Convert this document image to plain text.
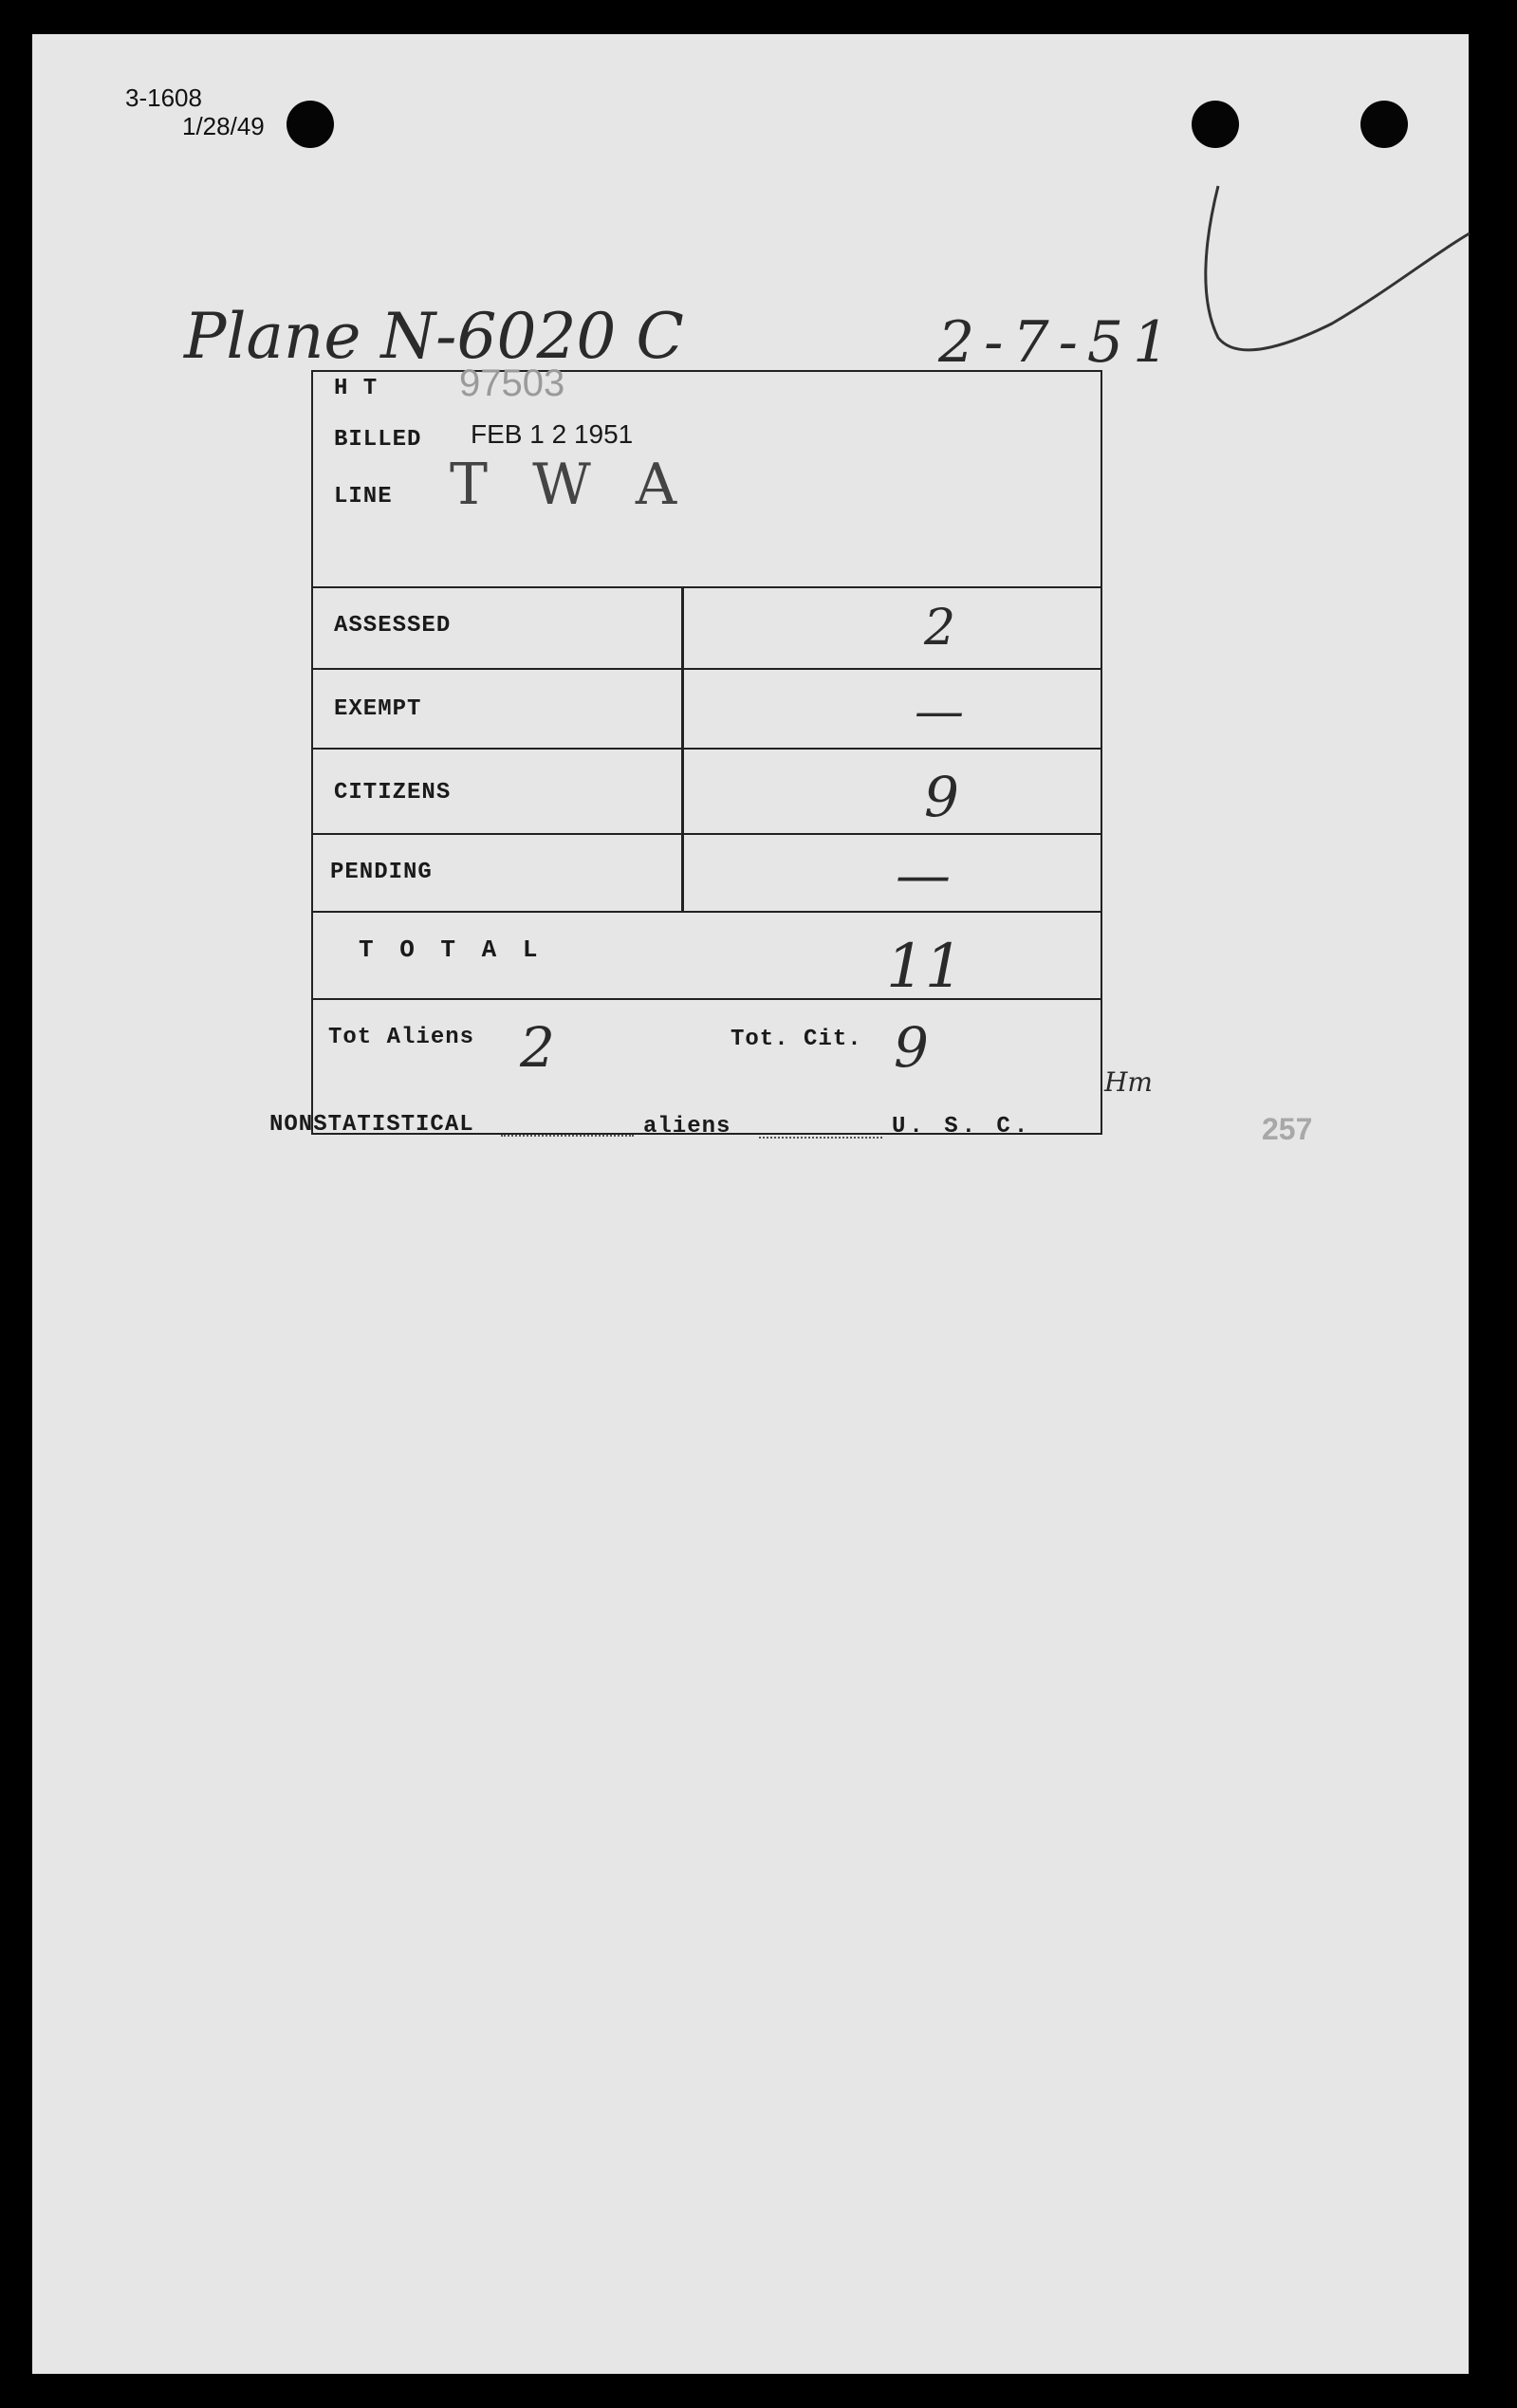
3-1608
1/28/49
Plane N-6020 C	2-7-51
H T 97503
BILLED FEB 1 2 1951
LINE T W A
ASSESSED	2
EXEMPT	—
CITIZENS	9
PENDING	—
T O T A L	11
Tot Aliens 2	Tot. Cit. 9
Hm
NONSTATISTICAL	aliens	U. S. C.	257
